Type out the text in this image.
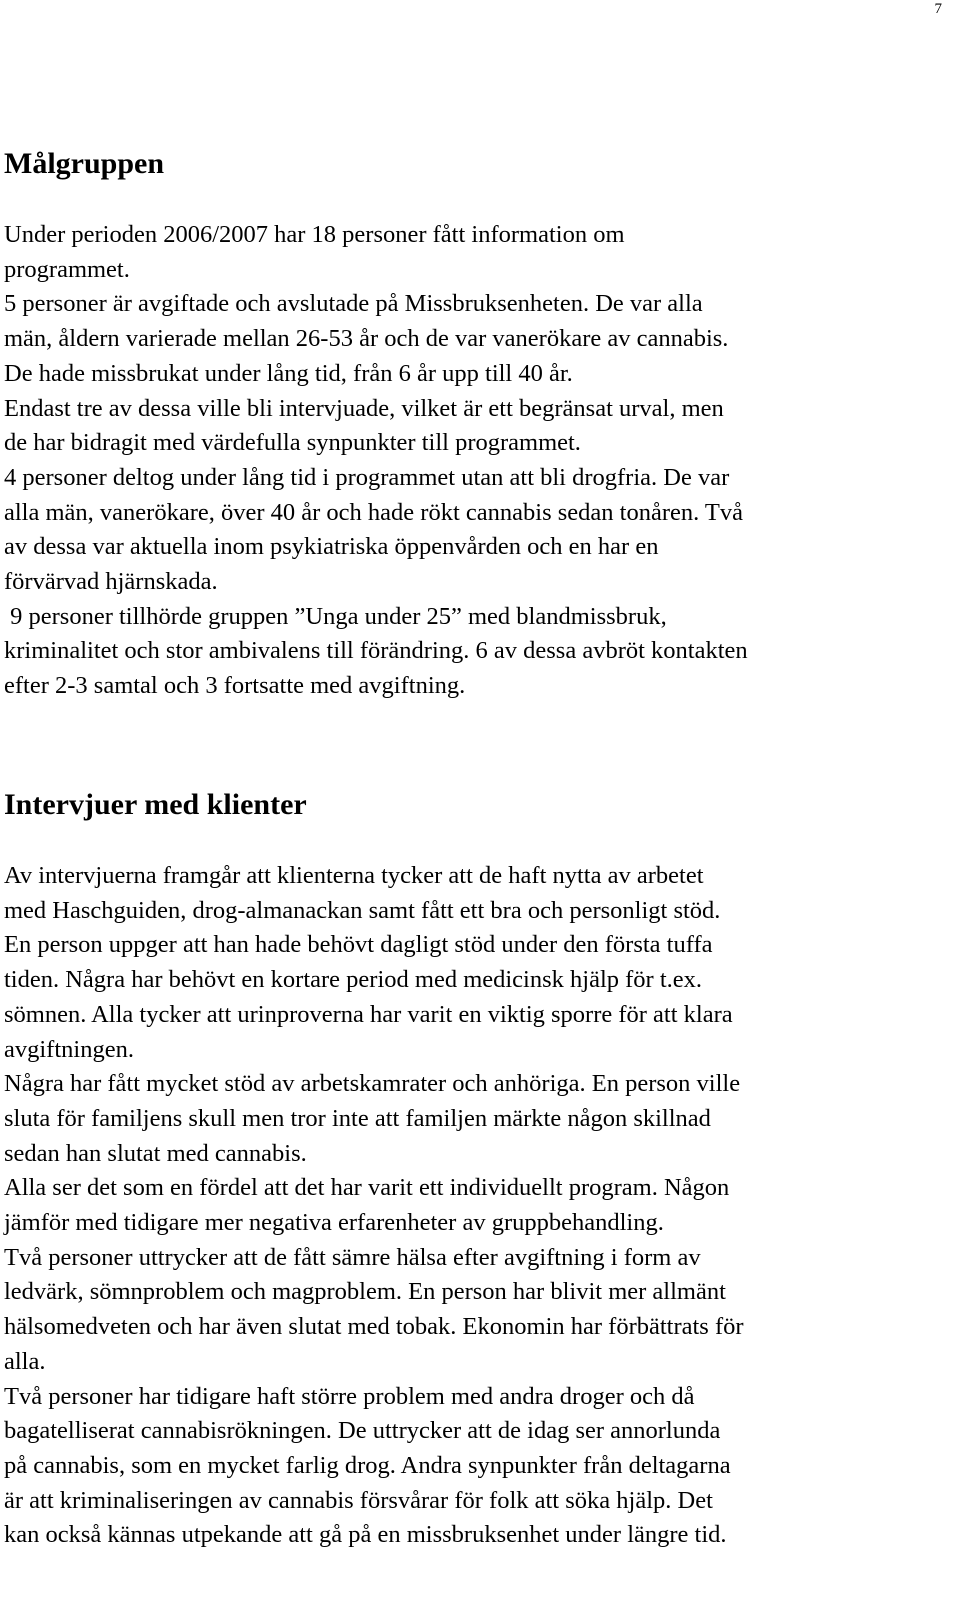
7
Målgruppen
Under perioden 2006/2007 har 18 personer fått information om
programmet.
5 personer är avgiftade och avslutade på Missbruksenheten. De var alla
män, åldern varierade mellan 26-53 år och de var vanerökare av cannabis.
De hade missbrukat under lång tid, från 6 år upp till 40 år.
Endast tre av dessa ville bli intervjuade, vilket är ett begränsat urval, men
de har bidragit med värdefulla synpunkter till programmet.
4 personer deltog under lång tid i programmet utan att bli drogfria. De var
alla män, vanerökare, över 40 år och hade rökt cannabis sedan tonåren. Två
av dessa var aktuella inom psykiatriska öppenvården och en har en
förvärvad hjärnskada.
9 personer tillhörde gruppen ”Unga under 25” med blandmissbruk,
kriminalitet och stor ambivalens till förändring. 6 av dessa avbröt kontakten
efter 2-3 samtal och 3 fortsatte med avgiftning.
Intervjuer med klienter
Av intervjuerna framgår att klienterna tycker att de haft nytta av arbetet
med Haschguiden, drog-almanackan samt fått ett bra och personligt stöd.
En person uppger att han hade behövt dagligt stöd under den första tuffa
tiden. Några har behövt en kortare period med medicinsk hjälp för t.ex.
sömnen. Alla tycker att urinproverna har varit en viktig sporre för att klara
avgiftningen.
Några har fått mycket stöd av arbetskamrater och anhöriga. En person ville
sluta för familjens skull men tror inte att familjen märkte någon skillnad
sedan han slutat med cannabis.
Alla ser det som en fördel att det har varit ett individuellt program. Någon
jämför med tidigare mer negativa erfarenheter av gruppbehandling.
Två personer uttrycker att de fått sämre hälsa efter avgiftning i form av
ledvärk, sömnproblem och magproblem. En person har blivit mer allmänt
hälsomedveten och har även slutat med tobak. Ekonomin har förbättrats för
alla.
Två personer har tidigare haft större problem med andra droger och då
bagatelliserat cannabisrökningen. De uttrycker att de idag ser annorlunda
på cannabis, som en mycket farlig drog. Andra synpunkter från deltagarna
är att kriminaliseringen av cannabis försvårar för folk att söka hjälp. Det
kan också kännas utpekande att gå på en missbruksenhet under längre tid.
